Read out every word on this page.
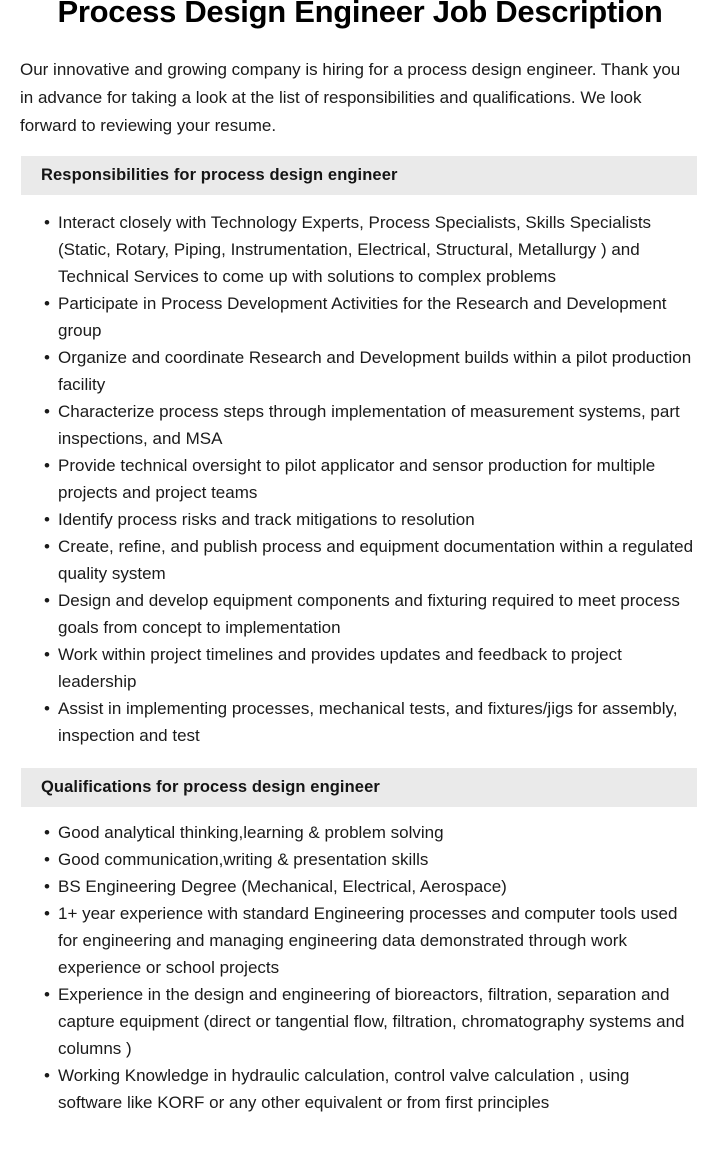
Process Design Engineer Job Description

Our innovative and growing company is hiring for a process design engineer. Thank you in advance for taking a look at the list of responsibilities and qualifications. We look forward to reviewing your resume.

Responsibilities for process design engineer
• Interact closely with Technology Experts, Process Specialists, Skills Specialists (Static, Rotary, Piping, Instrumentation, Electrical, Structural, Metallurgy ) and Technical Services to come up with solutions to complex problems
• Participate in Process Development Activities for the Research and Development group
• Organize and coordinate Research and Development builds within a pilot production facility
• Characterize process steps through implementation of measurement systems, part inspections, and MSA
• Provide technical oversight to pilot applicator and sensor production for multiple projects and project teams
• Identify process risks and track mitigations to resolution
• Create, refine, and publish process and equipment documentation within a regulated quality system
• Design and develop equipment components and fixturing required to meet process goals from concept to implementation
• Work within project timelines and provides updates and feedback to project leadership
• Assist in implementing processes, mechanical tests, and fixtures/jigs for assembly, inspection and test
Qualifications for process design engineer
• Good analytical thinking,learning & problem solving
• Good communication,writing & presentation skills
• BS Engineering Degree (Mechanical, Electrical, Aerospace)
• 1+ year experience with standard Engineering processes and computer tools used for engineering and managing engineering data demonstrated through work experience or school projects
• Experience in the design and engineering of bioreactors, filtration, separation and capture equipment (direct or tangential flow, filtration, chromatography systems and columns )
• Working Knowledge in hydraulic calculation, control valve calculation , using software like KORF or any other equivalent or from first principles
